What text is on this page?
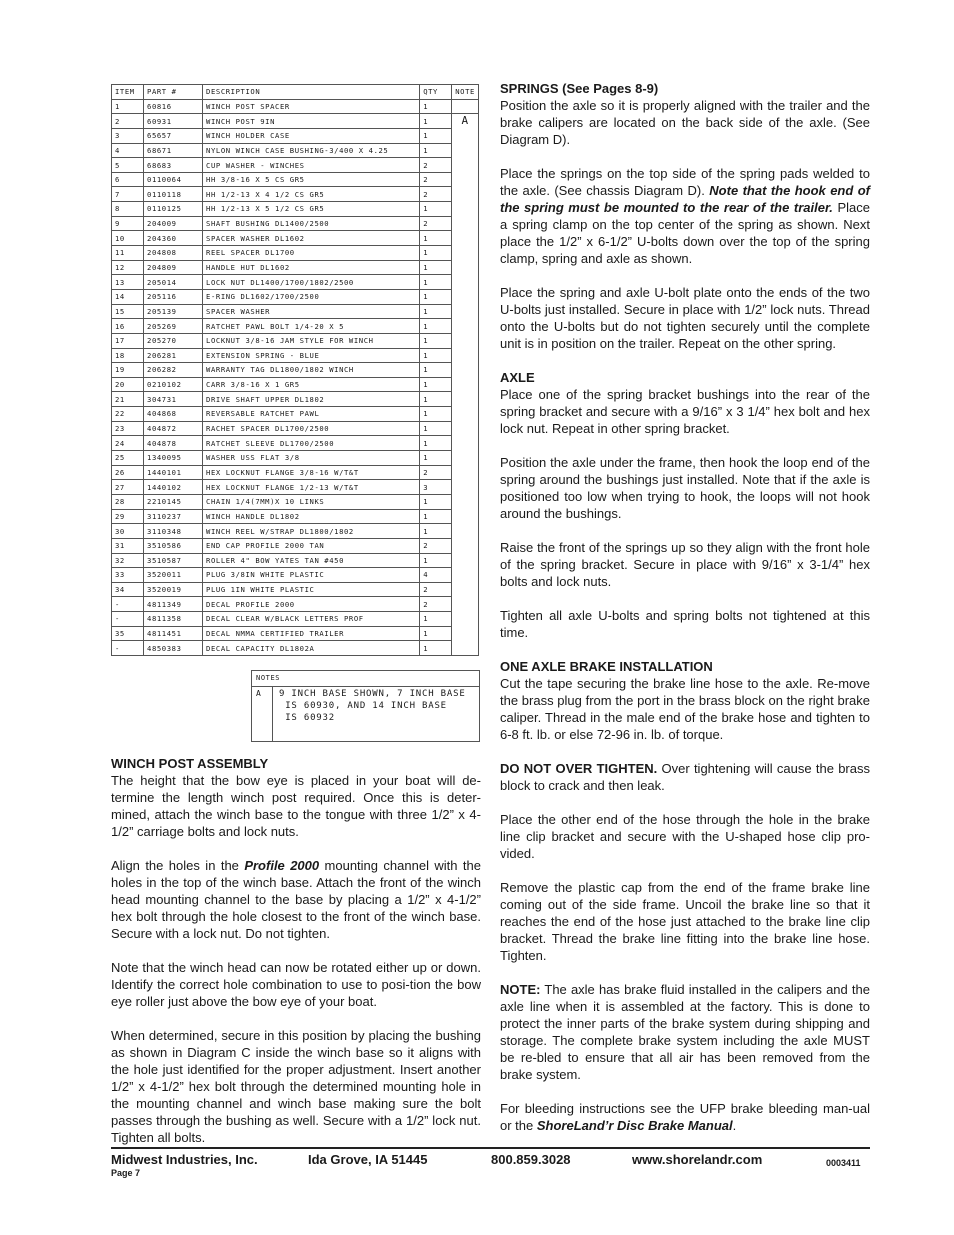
ITEM	PART #	DESCRIPTION	QTY	NOTE
1	60816	WINCH POST SPACER	1	
2	60931	WINCH POST 9IN	1	A
3	65657	WINCH HOLDER CASE	1	
4	68671	NYLON WINCH CASE BUSHING-3/400 X 4.25	1	
5	68683	CUP WASHER - WINCHES	2	
6	0110064	HH 3/8-16 X 5 CS GR5	2	
7	0110118	HH 1/2-13 X 4 1/2 CS GR5	2	
8	0110125	HH 1/2-13 X 5 1/2 CS GR5	1	
9	204009	SHAFT BUSHING DL1400/2500	2	
10	204360	SPACER WASHER DL1602	1	
11	204808	REEL SPACER DL1700	1	
12	204809	HANDLE HUT DL1602	1	
13	205014	LOCK NUT DL1400/1700/1802/2500	1	
14	205116	E-RING DL1602/1700/2500	1	
15	205139	SPACER WASHER	1	
16	205269	RATCHET PAWL BOLT 1/4-20 X 5	1	
17	205270	LOCKNUT 3/8-16 JAM STYLE FOR WINCH	1	
18	206281	EXTENSION SPRING - BLUE	1	
19	206282	WARRANTY TAG DL1800/1802 WINCH	1	
20	0210102	CARR 3/8-16 X 1 GR5	1	
21	304731	DRIVE SHAFT UPPER DL1802	1	
22	404868	REVERSABLE RATCHET PAWL	1	
23	404872	RACHET SPACER DL1700/2500	1	
24	404878	RATCHET SLEEVE DL1700/2500	1	
25	1340095	WASHER USS FLAT 3/8	1	
26	1440101	HEX LOCKNUT FLANGE 3/8-16 W/T&T	2	
27	1440102	HEX LOCKNUT FLANGE 1/2-13 W/T&T	3	
28	2210145	CHAIN 1/4(7MM)X 10 LINKS	1	
29	3110237	WINCH HANDLE DL1802	1	
30	3110348	WINCH REEL W/STRAP DL1800/1802	1	
31	3510586	END CAP PROFILE 2000 TAN	2	
32	3510587	ROLLER 4" BOW YATES TAN #450	1	
33	3520011	PLUG 3/8IN WHITE PLASTIC	4	
34	3520019	PLUG 1IN WHITE PLASTIC	2	
-	4811349	DECAL PROFILE 2000	2	
-	4811358	DECAL CLEAR W/BLACK LETTERS PROF	1	
35	4811451	DECAL NMMA CERTIFIED TRAILER	1	
-	4850383	DECAL CAPACITY DL1802A	1	
NOTES
A	9 INCH BASE SHOWN, 7 INCH BASE
IS 60930, AND 14 INCH BASE
IS 60932

WINCH POST ASSEMBLY

The height that the bow eye is placed in your boat will de-termine the length winch post required. Once this is deter-mined, attach the winch base to the tongue with three 1/2” x 4-1/2” carriage bolts and lock nuts.

Align the holes in the Profile 2000 mounting channel with the holes in the top of the winch base. Attach the front of the winch head mounting channel to the base by placing a 1/2” x 4-1/2” hex bolt through the hole closest to the front of the winch base. Secure with a lock nut. Do not tighten.

Note that the winch head can now be rotated either up or down. Identify the correct hole combination to use to posi-tion the bow eye roller just above the bow eye of your boat.

When determined, secure in this position by placing the bushing as shown in Diagram C inside the winch base so it aligns with the hole just identified for the proper adjustment. Insert another 1/2” x 4-1/2” hex bolt through the determined mounting hole in the mounting channel and winch base making sure the bolt passes through the bushing as well. Secure with a 1/2” lock nut. Tighten all bolts.

SPRINGS (See Pages 8-9)

Position the axle so it is properly aligned with the trailer and the brake calipers are located on the back side of the axle. (See Diagram D).

Place the springs on the top side of the spring pads welded to the axle. (See chassis Diagram D). Note that the hook end of the spring must be mounted to the rear of the trailer. Place a spring clamp on the top center of the spring as shown. Next place the 1/2” x 6-1/2” U-bolts down over the top of the spring clamp, spring and axle as shown.

Place the spring and axle U-bolt plate onto the ends of the two U-bolts just installed. Secure in place with 1/2” lock nuts. Thread onto the U-bolts but do not tighten securely until the complete unit is in position on the trailer. Repeat on the other spring.

AXLE

Place one of the spring bracket bushings into the rear of the spring bracket and secure with a 9/16” x 3 1/4” hex bolt and hex lock nut. Repeat in other spring bracket.

Position the axle under the frame, then hook the loop end of the spring around the bushings just installed. Note that if the axle is positioned too low when trying to hook, the loops will not hook around the bushings.

Raise the front of the springs up so they align with the front hole of the spring bracket. Secure in place with 9/16” x 3-1/4” hex bolts and lock nuts.

Tighten all axle U-bolts and spring bolts not tightened at this time.

ONE AXLE BRAKE INSTALLATION

Cut the tape securing the brake line hose to the axle. Re-move the brass plug from the port in the brass block on the right brake caliper. Thread in the male end of the brake hose and tighten to 6-8 ft. lb. or else 72-96 in. lb. of torque.

DO NOT OVER TIGHTEN. Over tightening will cause the brass block to crack and then leak.

Place the other end of the hose through the hole in the brake line clip bracket and secure with the U-shaped hose clip pro-vided.

Remove the plastic cap from the end of the frame brake line coming out of the side frame. Uncoil the brake line so that it reaches the end of the hose just attached to the brake line clip bracket. Thread the brake line fitting into the brake line hose. Tighten.

NOTE: The axle has brake fluid installed in the calipers and the axle line when it is assembled at the factory. This is done to protect the inner parts of the brake system during shipping and storage. The complete brake system including the axle MUST be re-bled to ensure that all air has been removed from the brake system.

For bleeding instructions see the UFP brake bleeding man-ual or the ShoreLand’r Disc Brake Manual.

Midwest Industries, Inc.	Ida Grove, IA 51445	800.859.3028	www.shorelandr.com	0003411
Page 7
